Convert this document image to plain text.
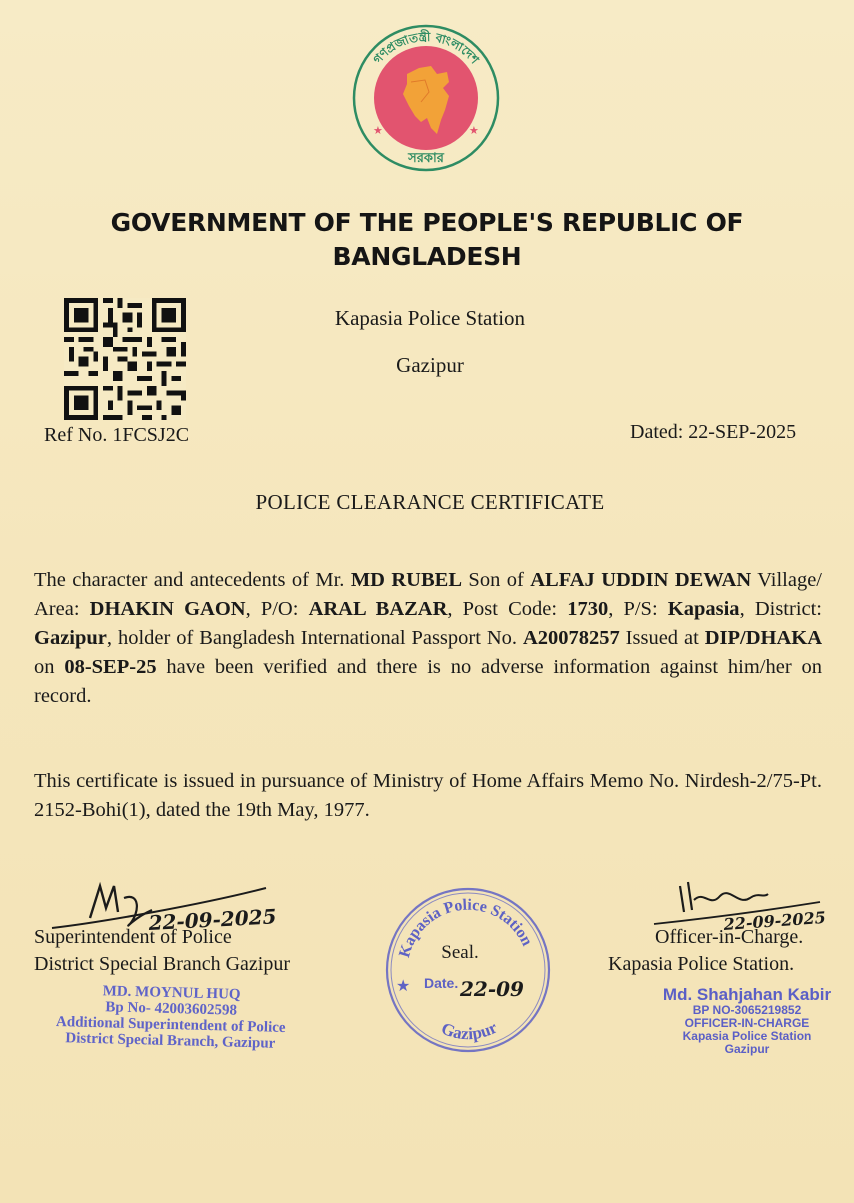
গণপ্রজাতন্ত্রী বাংলাদেশ
সরকার
★	★
GOVERNMENT OF THE PEOPLE'S REPUBLIC OF
BANGLADESH
Kapasia Police Station
Gazipur
Ref No. 1FCSJ2C	Dated: 22-SEP-2025
POLICE CLEARANCE CERTIFICATE
The character and antecedents of Mr. MD RUBEL Son of ALFAJ UDDIN DEWAN Village/ Area: DHAKIN GAON, P/O: ARAL BAZAR, Post Code: 1730, P/S: Kapasia, District: Gazipur, holder of Bangladesh International Passport No. A20078257 Issued at DIP/DHAKA on 08-SEP-25 have been verified and there is no adverse information against him/her on record.
This certificate is issued in pursuance of Ministry of Home Affairs Memo No. Nirdesh-2/75-Pt. 2152-Bohi(1), dated the 19th May, 1977.
22-09-2025
Superintendent of Police
District Special Branch Gazipur
MD. MOYNUL HUQ
Bp No- 42003602598
Additional Superintendent of Police
District Special Branch, Gazipur
Kapasia Police Station
Gazipur
★
Seal.
Date. 22-09
22-09-2025
Officer-in-Charge.
Kapasia Police Station.
Md. Shahjahan Kabir
BP NO-3065219852
OFFICER-IN-CHARGE
Kapasia Police Station
Gazipur
